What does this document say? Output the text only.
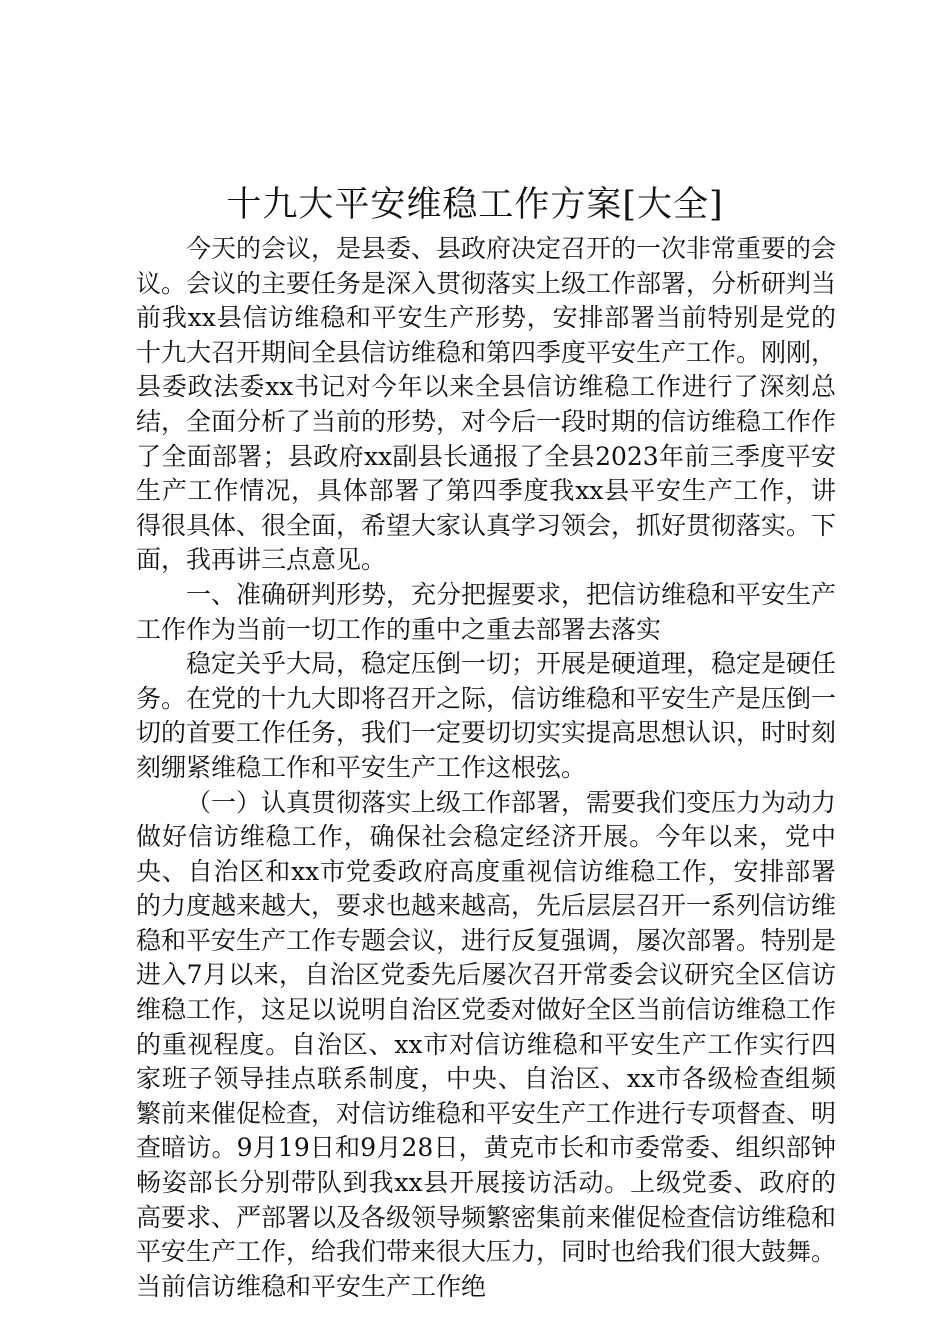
十九大平安维稳工作方案[大全]

今天的会议，是县委、县政府决定召开的一次非常重要的会议。会议的主要任务是深入贯彻落实上级工作部署，分析研判当前我xx县信访维稳和平安生产形势，安排部署当前特别是党的十九大召开期间全县信访维稳和第四季度平安生产工作。刚刚，县委政法委xx书记对今年以来全县信访维稳工作进行了深刻总结，全面分析了当前的形势，对今后一段时期的信访维稳工作作了全面部署；县政府xx副县长通报了全县2023年前三季度平安生产工作情况，具体部署了第四季度我xx县平安生产工作，讲得很具体、很全面，希望大家认真学习领会，抓好贯彻落实。下面，我再讲三点意见。

一、准确研判形势，充分把握要求，把信访维稳和平安生产工作作为当前一切工作的重中之重去部署去落实

稳定关乎大局，稳定压倒一切；开展是硬道理，稳定是硬任务。在党的十九大即将召开之际，信访维稳和平安生产是压倒一切的首要工作任务，我们一定要切切实实提高思想认识，时时刻刻绷紧维稳工作和平安生产工作这根弦。

（一）认真贯彻落实上级工作部署，需要我们变压力为动力做好信访维稳工作，确保社会稳定经济开展。今年以来，党中央、自治区和xx市党委政府高度重视信访维稳工作，安排部署的力度越来越大，要求也越来越高，先后层层召开一系列信访维稳和平安生产工作专题会议，进行反复强调，屡次部署。特别是进入7月以来，自治区党委先后屡次召开常委会议研究全区信访维稳工作，这足以说明自治区党委对做好全区当前信访维稳工作的重视程度。自治区、xx市对信访维稳和平安生产工作实行四家班子领导挂点联系制度，中央、自治区、xx市各级检查组频繁前来催促检查，对信访维稳和平安生产工作进行专项督查、明查暗访。9月19日和9月28日，黄克市长和市委常委、组织部钟畅姿部长分别带队到我xx县开展接访活动。上级党委、政府的高要求、严部署以及各级领导频繁密集前来催促检查信访维稳和平安生产工作，给我们带来很大压力，同时也给我们很大鼓舞。当前信访维稳和平安生产工作绝
